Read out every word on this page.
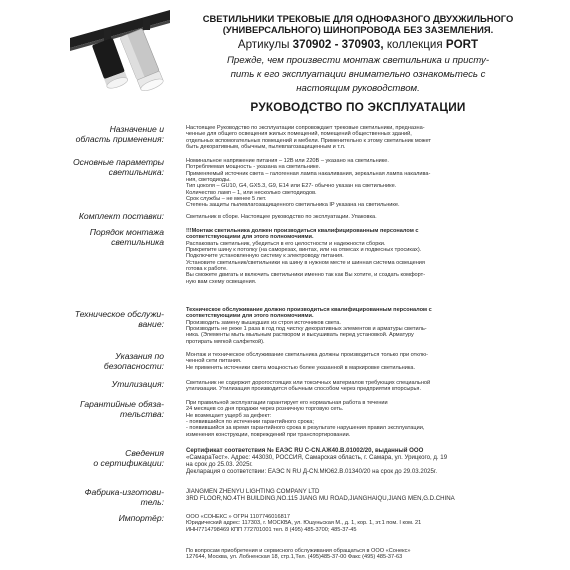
СВЕТИЛЬНИКИ ТРЕКОВЫЕ ДЛЯ ОДНОФАЗНОГО ДВУХЖИЛЬНОГО
(УНИВЕРСАЛЬНОГО) ШИНОПРОВОДА БЕЗ ЗАЗЕМЛЕНИЯ.
Артикулы 370902 - 370903, коллекция PORT
Прежде, чем произвести монтаж светильника и присту-
пить к его эксплуатации внимательно ознакомьтесь с
настоящим руководством.
РУКОВОДСТВО ПО ЭКСПЛУАТАЦИИ
Назначение и
область применения:

Настоящее Руководство по эксплуатации сопровождает трековые светильники, предназна-

ченные для общего освещения жилых помещений, помещений общественных зданий,

отдельных вспомогательных помещений и мебели. Применительно к этому светильник может

быть декоративным, обычным, пылевлагозащищенным и т.п.

Основные параметры
светильника:

Номинальное напряжение питания – 12В или 220В – указано на светильнике.

Потребляемая мощность - указана на светильнике.

Применяемый источник света – галогенная лампа накаливания, зеркальная лампа накалива-

ния, светодиоды.

Тип цоколя – GU10, G4, GX5.3, G9, E14 или E27- обычно указан на светильнике.

Количество ламп – 1, или несколько светодиодов.

Срок службы – не менее 5 лет.

Степень защиты пылевлагозащищенного светильника IP указана на светильнике.

Комплект поставки:	Светильник в сборе. Настоящее руководство по эксплуатации. Упаковка.

Порядок монтажа
светильника

!!!Монтаж светильника должен производиться квалифицированным персоналом с

соответствующими для этого полномочиями.

Распаковать светильник, убедиться в его целостности и надежности сборки.

Прикрепите шину к потолку (на саморезах, винтах, или на отвесах и подвесных тросиках).

Подключите установленную систему к электроводу питания.

Установите светильник/светильники на шину в нужном месте и шинная система освещения

готова к работе.

Вы сможете двигать и включить светильники именно так как Вы хотите, и создать комфорт-

ную вам схему освещения.

Техническое обслужи-
вание:

Техническое обслуживание должно производиться квалифицированным персоналом с

соответствующими для этого полномочиями.

Производить замену вышедших из строя источников света.

Производить не реже 1 раза в год под чистку декоративных элементов и арматуры светиль-

ника. (Элементы мыть мыльным раствором и высушивать перед установкой. Арматуру

протирать мягкой салфеткой).

Указания по
безопасности:

Монтаж и техническое обслуживание светильника должны производиться только при отклю-

ченной сети питания.

Не применять источники света мощностью более указанной в маркировке светильника.

Утилизация:	Светильник не содержит дорогостоящих или токсичных материалов требующих специальной

утилизации. Утилизация производится обычным способом через предприятия вторсырья.

Гарантийные обяза-
тельства:

При правильной эксплуатации гарантирует его нормальная работа в течении

24 месяцев со дня продажи через розничную торговую сеть.

Не возмещает ущерб за дефект:

- появившийся по истечении гарантийного срока;

- появившийся за время гарантийного срока в результате нарушения правил эксплуатации,

изменения конструкции, повреждений при транспортировании.

Сведения
о сертификации:

Сертификат соответствия № ЕАЭС RU С-CN.АЖ40.В.01002/20, выданный ООО

«СамараТест». Адрес: 443030, РОССИЯ, Самарская область, г. Самара, ул. Урицкого, д. 19

на срок до 25.03. 2025г.

Декларация о соответствии: ЕАЭС N RU Д-CN.МЮ62.В.01340/20 на срок до 29.03.2025г.

Фабрика-изготови-
тель:

JIANGMEN ZHENYU LIGHTING COMPANY LTD

3RD FLOOR,NO.4TH BUILDING,NO.115 JIANG MU ROAD,JIANGHAIQU,JIANG MEN,G.D.CHINA

Импортёр:	ООО «СОНЕКС » ОГРН 1107746016817

Юридический адрес: 117303, г. МОСКВА, ул. Юшуньская М., д. 1, кор. 1, эт.1 пом. I ком. 21

ИНН7714798469 КПП 772701001 тел. 8 (495) 485-3700; 485-37-45

По вопросам приобретения и сервисного обслуживания обращаться в ООО «Сонекс»

127644, Москва, ул. Лобненская 18, стр.1,Тел. (495)485-37-00 Факс (495) 485-37-63
